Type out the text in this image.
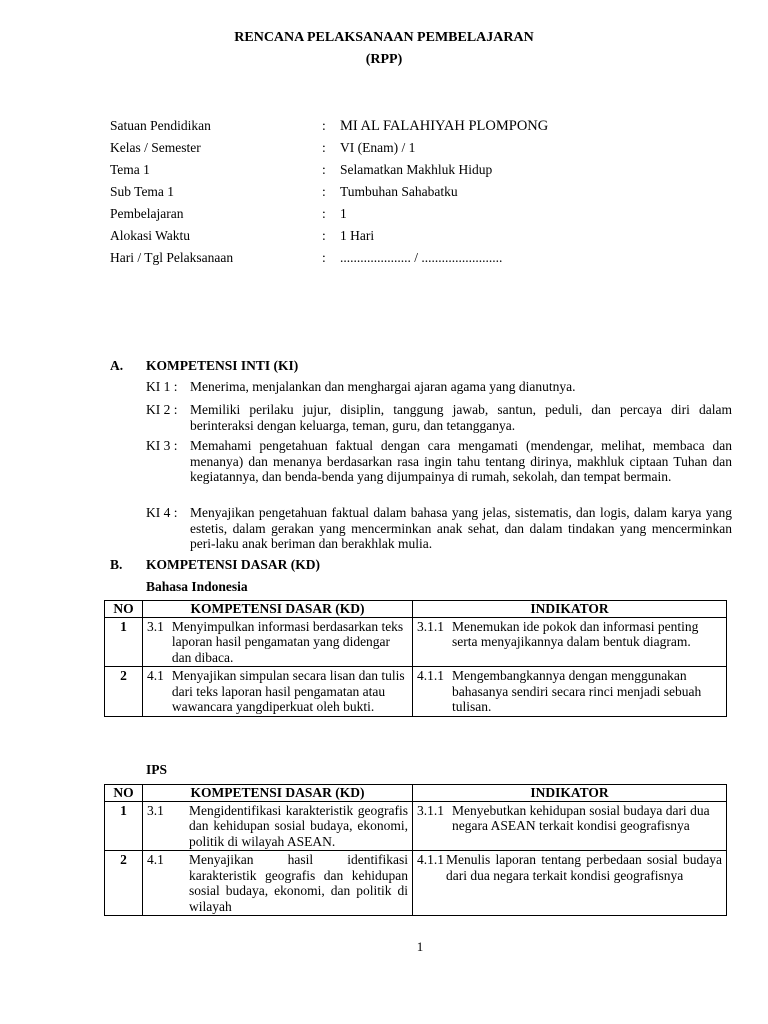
RENCANA PELAKSANAAN PEMBELAJARAN
(RPP)
Satuan Pendidikan	: MI AL FALAHIYAH PLOMPONG
Kelas / Semester	: VI (Enam) / 1
Tema 1	: Selamatkan Makhluk Hidup
Sub Tema 1	: Tumbuhan Sahabatku
Pembelajaran	: 1
Alokasi Waktu	: 1 Hari
Hari / Tgl Pelaksanaan	: ..................... / ........................
A. KOMPETENSI INTI (KI)
KI 1 : Menerima, menjalankan dan menghargai ajaran agama yang dianutnya.
KI 2 : Memiliki perilaku jujur, disiplin, tanggung jawab, santun, peduli, dan percaya diri dalam berinteraksi dengan keluarga, teman, guru, dan tetangganya.
KI 3 : Memahami pengetahuan faktual dengan cara mengamati (mendengar, melihat, membaca dan menanya) dan menanya berdasarkan rasa ingin tahu tentang dirinya, makhluk ciptaan Tuhan dan kegiatannya, dan benda-benda yang dijumpainya di rumah, sekolah, dan tempat bermain.
KI 4 : Menyajikan pengetahuan faktual dalam bahasa yang jelas, sistematis, dan logis, dalam karya yang estetis, dalam gerakan yang mencerminkan anak sehat, dan dalam tindakan yang mencerminkan peri-laku anak beriman dan berakhlak mulia.
B. KOMPETENSI DASAR (KD)
Bahasa Indonesia
NO	KOMPETENSI DASAR (KD)	INDIKATOR
1	3.1 Menyimpulkan informasi berdasarkan teks laporan hasil pengamatan yang didengar dan dibaca.	3.1.1 Menemukan ide pokok dan informasi penting serta menyajikannya dalam bentuk diagram.

2	4.1 Menyajikan simpulan secara lisan dan tulis dari teks laporan hasil pengamatan atau wawancara yangdiperkuat oleh bukti.	4.1.1 Mengembangkannya dengan menggunakan bahasanya sendiri secara rinci menjadi sebuah tulisan.
IPS
NO	KOMPETENSI DASAR (KD)	INDIKATOR
1	3.1 Mengidentifikasi karakteristik geografis dan kehidupan sosial budaya, ekonomi, politik di wilayah ASEAN.	3.1.1 Menyebutkan kehidupan sosial budaya dari dua negara ASEAN terkait kondisi geografisnya

2	4.1 Menyajikan hasil identifikasi karakteristik geografis dan kehidupan sosial budaya, ekonomi, dan politik di wilayah	4.1.1 Menulis laporan tentang perbedaan sosial budaya dari dua negara terkait kondisi geografisnya
1
